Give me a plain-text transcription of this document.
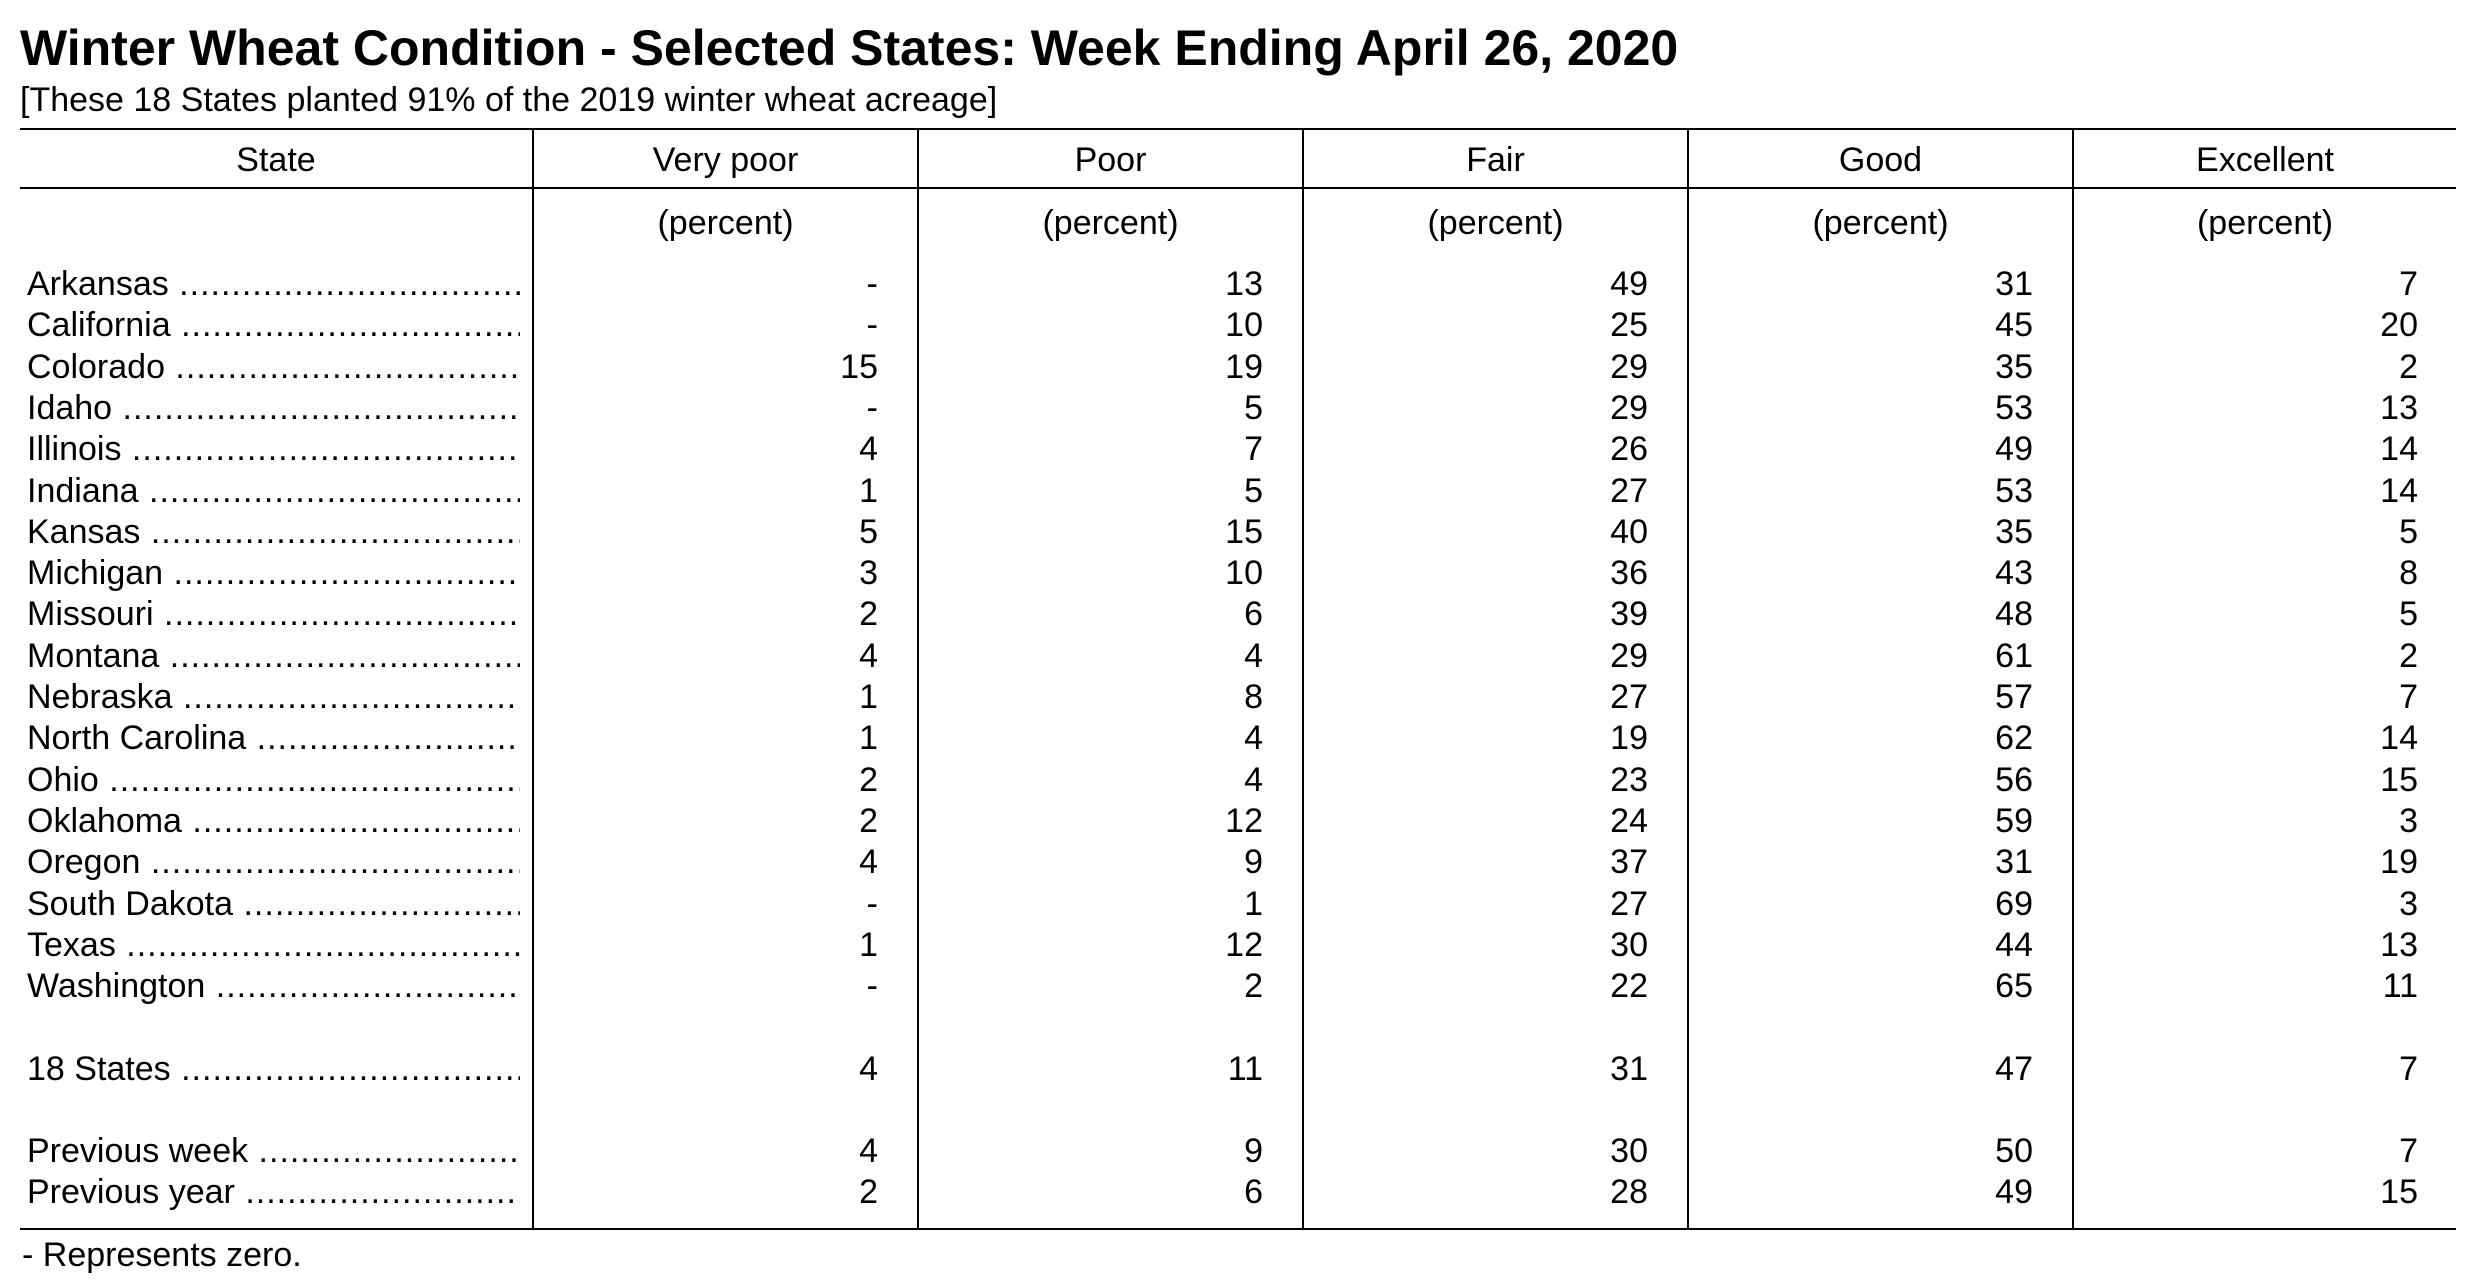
Winter Wheat Condition - Selected States: Week Ending April 26, 2020
[These 18 States planted 91% of the 2019 winter wheat acreage]
State	Very poor	Poor	Fair	Good	Excellent
(percent)	(percent)	(percent)	(percent)	(percent)
Arkansas .....	-	13	49	31	7
California .....	-	10	25	45	20
Colorado .....	15	19	29	35	2
Idaho .....	-	5	29	53	13
Illinois .....	4	7	26	49	14
Indiana .....	1	5	27	53	14
Kansas .....	5	15	40	35	5
Michigan .....	3	10	36	43	8
Missouri .....	2	6	39	48	5
Montana .....	4	4	29	61	2
Nebraska .....	1	8	27	57	7
North Carolina .....	1	4	19	62	14
Ohio .....	2	4	23	56	15
Oklahoma .....	2	12	24	59	3
Oregon .....	4	9	37	31	19
South Dakota .....	-	1	27	69	3
Texas .....	1	12	30	44	13
Washington .....	-	2	22	65	11
18 States .....	4	11	31	47	7
Previous week .....	4	9	30	50	7
Previous year .....	2	6	28	49	15
- Represents zero.
